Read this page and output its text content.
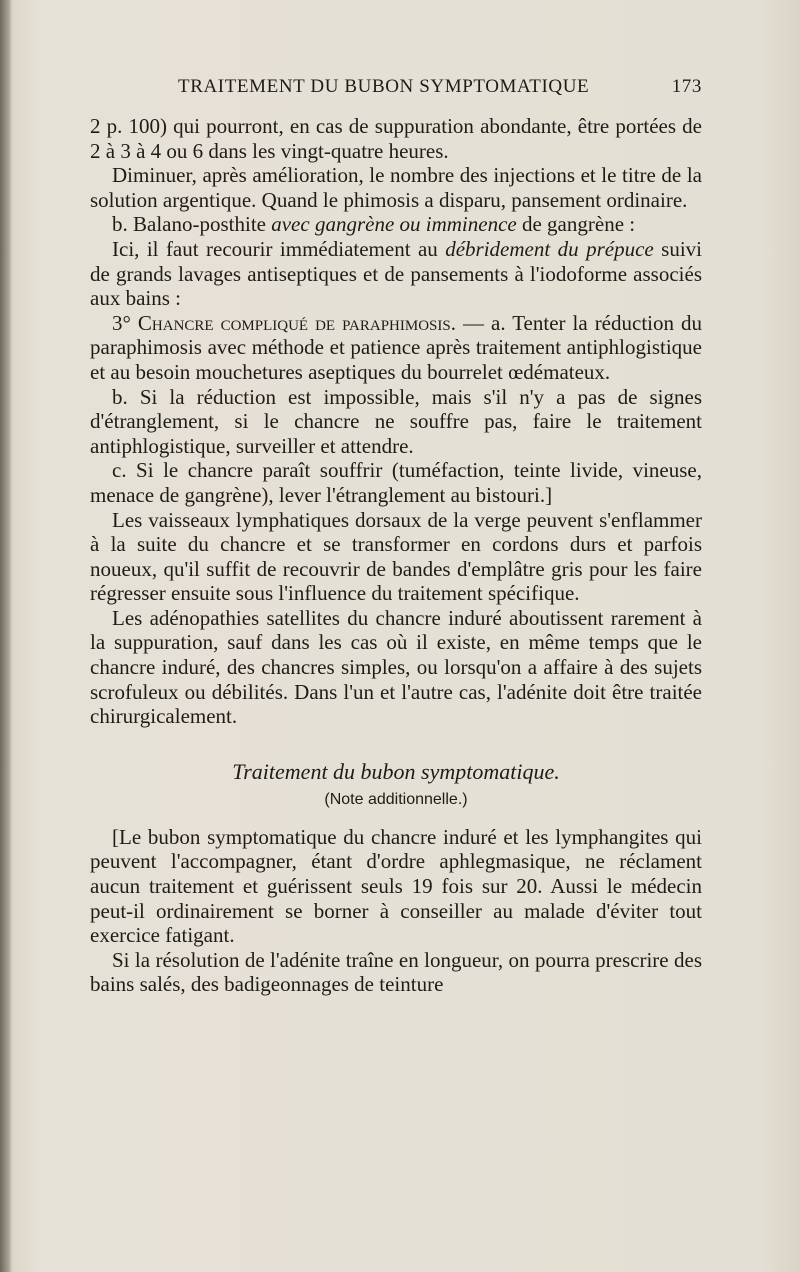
TRAITEMENT DU BUBON SYMPTOMATIQUE	173

2 p. 100) qui pourront, en cas de suppuration abondante, être portées de 2 à 3 à 4 ou 6 dans les vingt-quatre heures.

Diminuer, après amélioration, le nombre des injections et le titre de la solution argentique. Quand le phimosis a disparu, pansement ordinaire.

b. Balano-posthite avec gangrène ou imminence de gangrène :

Ici, il faut recourir immédiatement au débridement du prépuce suivi de grands lavages antiseptiques et de pansements à l'iodoforme associés aux bains :

3° Chancre compliqué de paraphimosis. — a. Tenter la réduction du paraphimosis avec méthode et patience après traitement antiphlogistique et au besoin mouchetures aseptiques du bourrelet œdémateux.

b. Si la réduction est impossible, mais s'il n'y a pas de signes d'étranglement, si le chancre ne souffre pas, faire le traitement antiphlogistique, surveiller et attendre.

c. Si le chancre paraît souffrir (tuméfaction, teinte livide, vineuse, menace de gangrène), lever l'étranglement au bistouri.]

Les vaisseaux lymphatiques dorsaux de la verge peuvent s'enflammer à la suite du chancre et se transformer en cordons durs et parfois noueux, qu'il suffit de recouvrir de bandes d'emplâtre gris pour les faire régresser ensuite sous l'influence du traitement spécifique.

Les adénopathies satellites du chancre induré aboutissent rarement à la suppuration, sauf dans les cas où il existe, en même temps que le chancre induré, des chancres simples, ou lorsqu'on a affaire à des sujets scrofuleux ou débilités. Dans l'un et l'autre cas, l'adénite doit être traitée chirurgicalement.

Traitement du bubon symptomatique.
(Note additionnelle.)

[Le bubon symptomatique du chancre induré et les lymphangites qui peuvent l'accompagner, étant d'ordre aphlegmasique, ne réclament aucun traitement et guérissent seuls 19 fois sur 20. Aussi le médecin peut-il ordinairement se borner à conseiller au malade d'éviter tout exercice fatigant.

Si la résolution de l'adénite traîne en longueur, on pourra prescrire des bains salés, des badigeonnages de teinture
